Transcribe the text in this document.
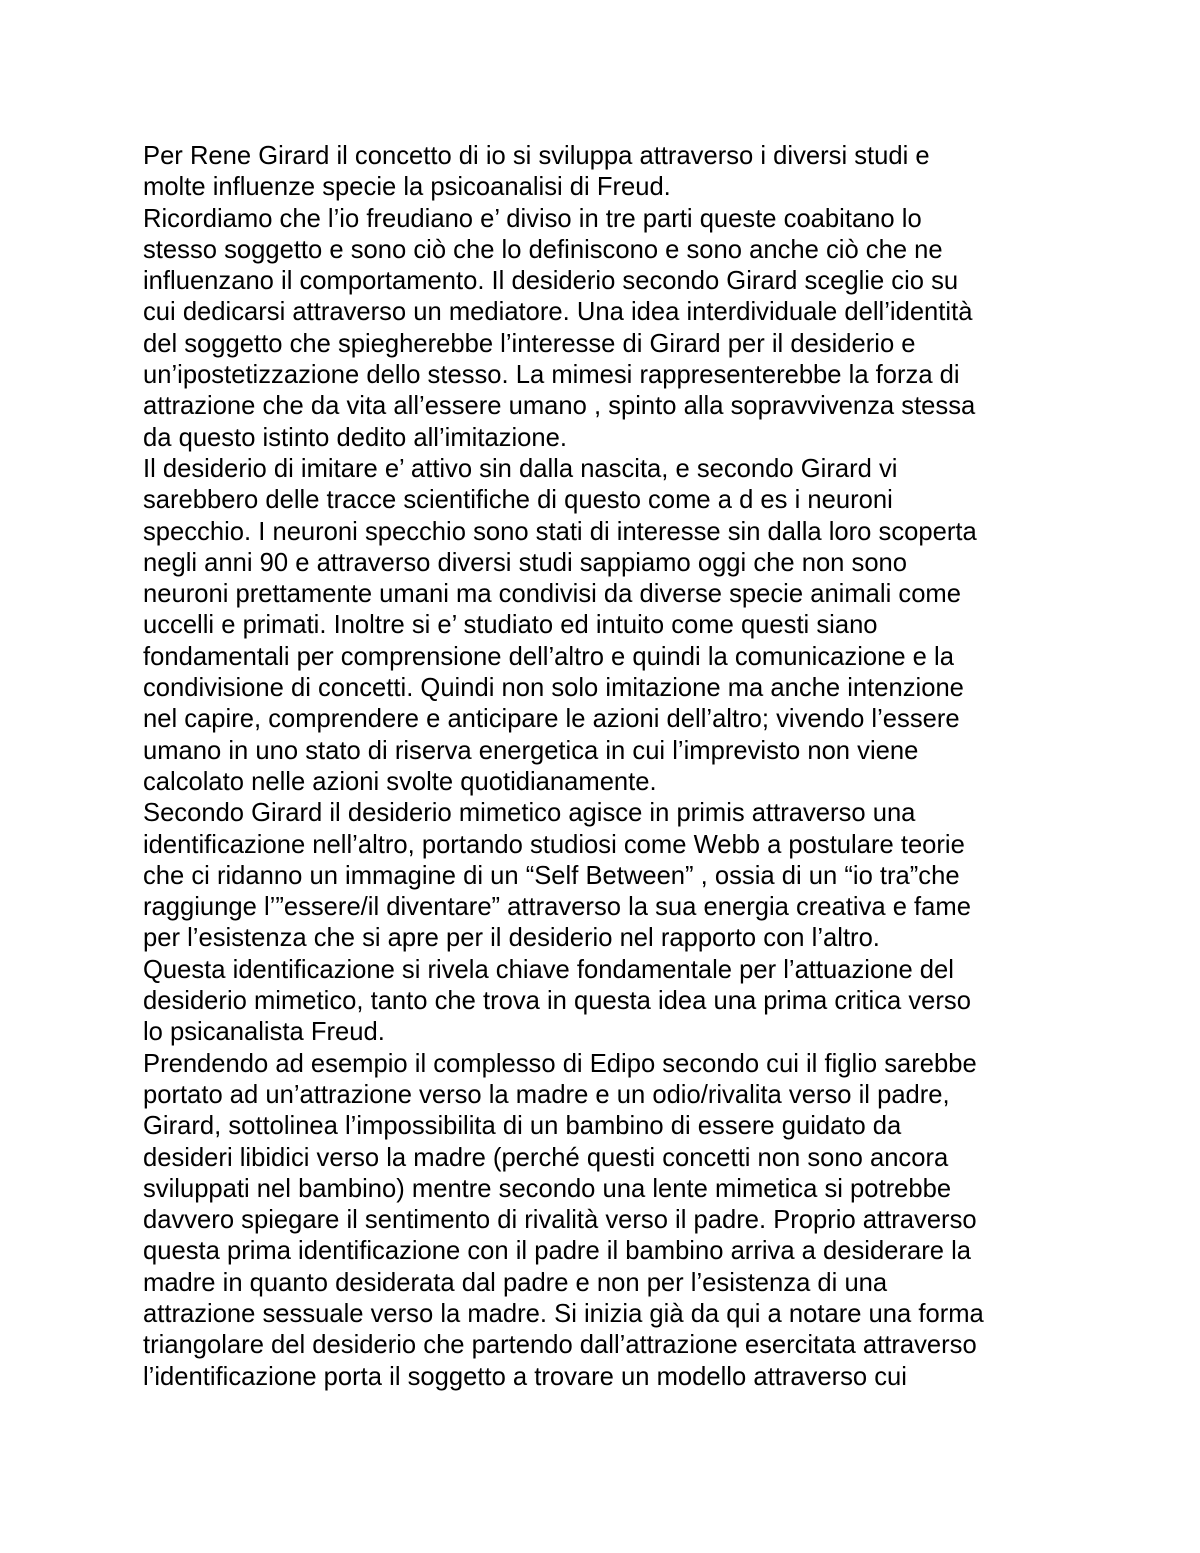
Per Rene Girard il concetto di io si sviluppa attraverso i diversi studi e
molte influenze specie la psicoanalisi di Freud.
Ricordiamo che l’io freudiano e’ diviso in tre parti queste coabitano lo
stesso soggetto e sono ciò che lo definiscono e sono anche ciò che ne
influenzano il comportamento. Il desiderio secondo Girard sceglie cio su
cui dedicarsi attraverso un mediatore. Una idea interdividuale dell’identità
del soggetto che spiegherebbe l’interesse di Girard per il desiderio e
un’ipostetizzazione dello stesso. La mimesi rappresenterebbe la forza di
attrazione che da vita all’essere umano , spinto alla sopravvivenza stessa
da questo istinto dedito all’imitazione.
Il desiderio di imitare e’ attivo sin dalla nascita, e secondo Girard vi
sarebbero delle tracce scientifiche di questo come a d es i neuroni
specchio. I neuroni specchio sono stati di interesse sin dalla loro scoperta
negli anni 90 e attraverso diversi studi sappiamo oggi che non sono
neuroni prettamente umani ma condivisi da diverse specie animali come
uccelli e primati. Inoltre si e’ studiato ed intuito come questi siano
fondamentali per comprensione dell’altro e quindi la comunicazione e la
condivisione di concetti. Quindi non solo imitazione ma anche intenzione
nel capire, comprendere e anticipare le azioni dell’altro; vivendo l’essere
umano in uno stato di riserva energetica in cui l’imprevisto non viene
calcolato nelle azioni svolte quotidianamente.
Secondo Girard il desiderio mimetico agisce in primis attraverso una
identificazione nell’altro, portando studiosi come Webb a postulare teorie
che ci ridanno un immagine di un “Self Between” , ossia di un “io tra”che
raggiunge l’”essere/il diventare” attraverso la sua energia creativa e fame
per l’esistenza che si apre per il desiderio nel rapporto con l’altro.
Questa identificazione si rivela chiave fondamentale per l’attuazione del
desiderio mimetico, tanto che trova in questa idea una prima critica verso
lo psicanalista Freud.
Prendendo ad esempio il complesso di Edipo secondo cui il figlio sarebbe
portato ad un’attrazione verso la madre e un odio/rivalita verso il padre,
Girard, sottolinea l’impossibilita di un bambino di essere guidato da
desideri libidici verso la madre (perché questi concetti non sono ancora
sviluppati nel bambino) mentre secondo una lente mimetica si potrebbe
davvero spiegare il sentimento di rivalità verso il padre. Proprio attraverso
questa prima identificazione con il padre il bambino arriva a desiderare la
madre in quanto desiderata dal padre e non per l’esistenza di una
attrazione sessuale verso la madre. Si inizia già da qui a notare una forma
triangolare del desiderio che partendo dall’attrazione esercitata attraverso
l’identificazione porta il soggetto a trovare un modello attraverso cui
